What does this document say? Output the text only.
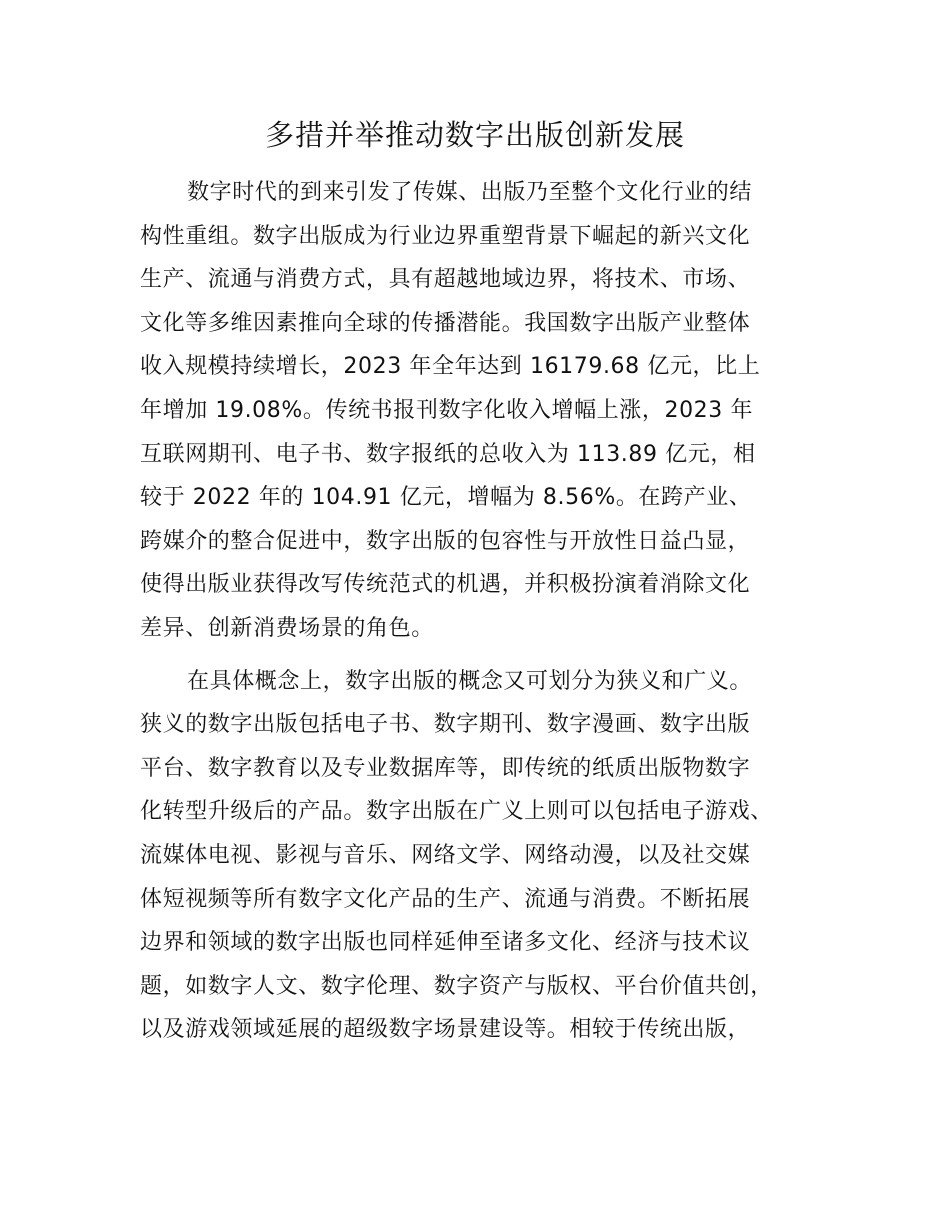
多措并举推动数字出版创新发展
数字时代的到来引发了传媒、出版乃至整个文化行业的结
构性重组。数字出版成为行业边界重塑背景下崛起的新兴文化
生产、流通与消费方式，具有超越地域边界，将技术、市场、
文化等多维因素推向全球的传播潜能。我国数字出版产业整体
收入规模持续增长，2023 年全年达到 16179.68 亿元，比上
年增加 19.08%。传统书报刊数字化收入增幅上涨，2023 年
互联网期刊、电子书、数字报纸的总收入为 113.89 亿元，相
较于 2022 年的 104.91 亿元，增幅为 8.56%。在跨产业、
跨媒介的整合促进中，数字出版的包容性与开放性日益凸显，
使得出版业获得改写传统范式的机遇，并积极扮演着消除文化
差异、创新消费场景的角色。
在具体概念上，数字出版的概念又可划分为狭义和广义。
狭义的数字出版包括电子书、数字期刊、数字漫画、数字出版
平台、数字教育以及专业数据库等，即传统的纸质出版物数字
化转型升级后的产品。数字出版在广义上则可以包括电子游戏、
流媒体电视、影视与音乐、网络文学、网络动漫，以及社交媒
体短视频等所有数字文化产品的生产、流通与消费。不断拓展
边界和领域的数字出版也同样延伸至诸多文化、经济与技术议
题，如数字人文、数字伦理、数字资产与版权、平台价值共创，
以及游戏领域延展的超级数字场景建设等。相较于传统出版，
